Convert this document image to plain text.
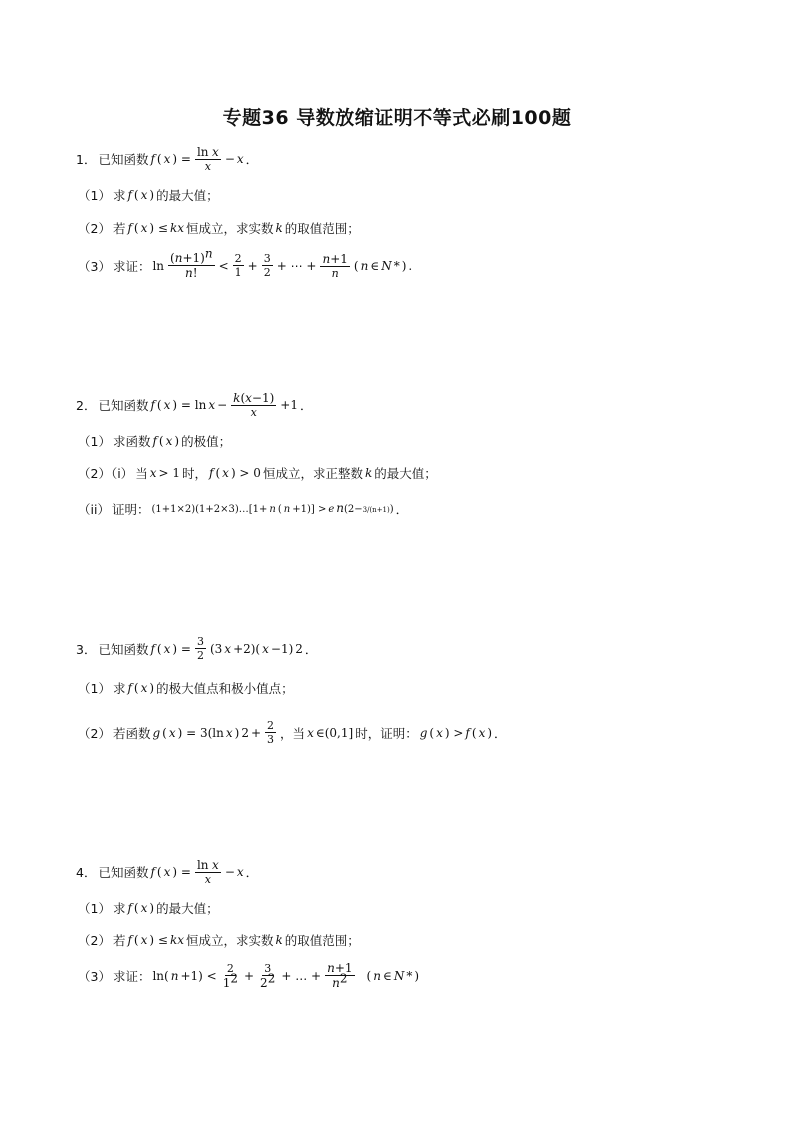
专题36 导数放缩证明不等式必刷100题
1． 已知函数 f ( x ) = $\frac{\text{ln x}}{x} - x$ ．
（1） 求 f ( x ) 的最大值；
（2） 若 f ( x ) ≤ kx 恒成立，求实数 k 的取值范围；
（3） 求证： $\ln \frac{(n+1)^n}{n!} < \frac{2}{1} + \frac{3}{2}$ + ⋯ + $\frac{n+1}{n}$ ( n ∈ N * ) .
2． 已知函数 f ( x ) = $\ln x - \frac{k(x-1)}{x} +1$ ．
（1） 求函数 f ( x ) 的极值；
（2）（i） 当 x > 1 时， f ( x ) > 0 恒成立，求正整数 k 的最大值；
（ii） 证明： (1+1×2)(1+2×3)…[1+ n ( n +1)] > e n(2−3/(n+1)) ．
3． 已知函数 f ( x ) = $\frac{3}{2} (3$ x +2)( x −1) 2 ．
（1） 求 f ( x ) 的极大值点和极小值点；
（2） 若函数 g ( x ) = 3(ln x ) $2 + \frac{2}{3}$ ，当 x ∈(0,1] 时，证明： g ( x ) > f ( x ) ．
4． 已知函数 f ( x ) = $\frac{\text{ln x}}{x} - x$ ．
（1） 求 f ( x ) 的最大值；
（2） 若 f ( x ) ≤ kx 恒成立，求实数 k 的取值范围；
（3） 求证： ln( $n +1) < \frac{2}{1^2} + \frac{3}{2^2}$ + … + $\frac{n+1}{n^2}$ ( n ∈ N * )
